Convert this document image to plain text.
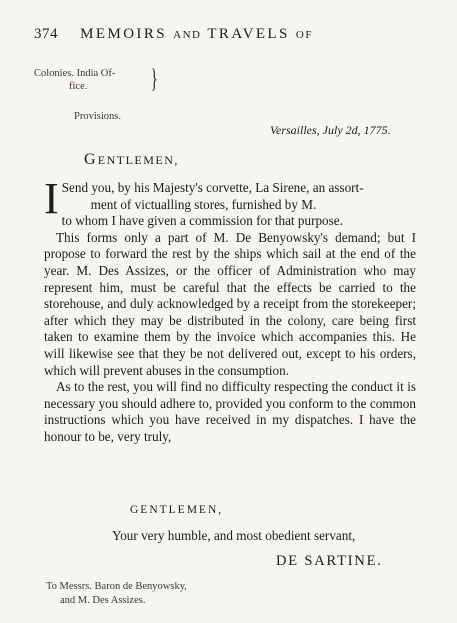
374 MEMOIRS AND TRAVELS OF
Colonies. India Of-
fice. }
Provisions.
Versailles, July 2d, 1775.
GENTLEMEN,

I Send you, by his Majesty's corvette, La Sirene, an assort-
ment of victualling stores, furnished by M.
to whom I have given a commission for that purpose.

This forms only a part of M. De Benyowsky's demand; but I propose to forward the rest by the ships which sail at the end of the year. M. Des Assizes, or the officer of Administration who may represent him, must be careful that the effects be carried to the storehouse, and duly acknowledged by a receipt from the storekeeper; after which they may be distributed in the colony, care being first taken to examine them by the invoice which accompanies this. He will likewise see that they be not delivered out, except to his orders, which will prevent abuses in the consumption.

As to the rest, you will find no difficulty respecting the conduct it is necessary you should adhere to, provided you conform to the common instructions which you have received in my dispatches. I have the honour to be, very truly,

GENTLEMEN,
Your very humble, and most obedient servant,
DE SARTINE.
To Messrs. Baron de Benyowsky,
and M. Des Assizes.
